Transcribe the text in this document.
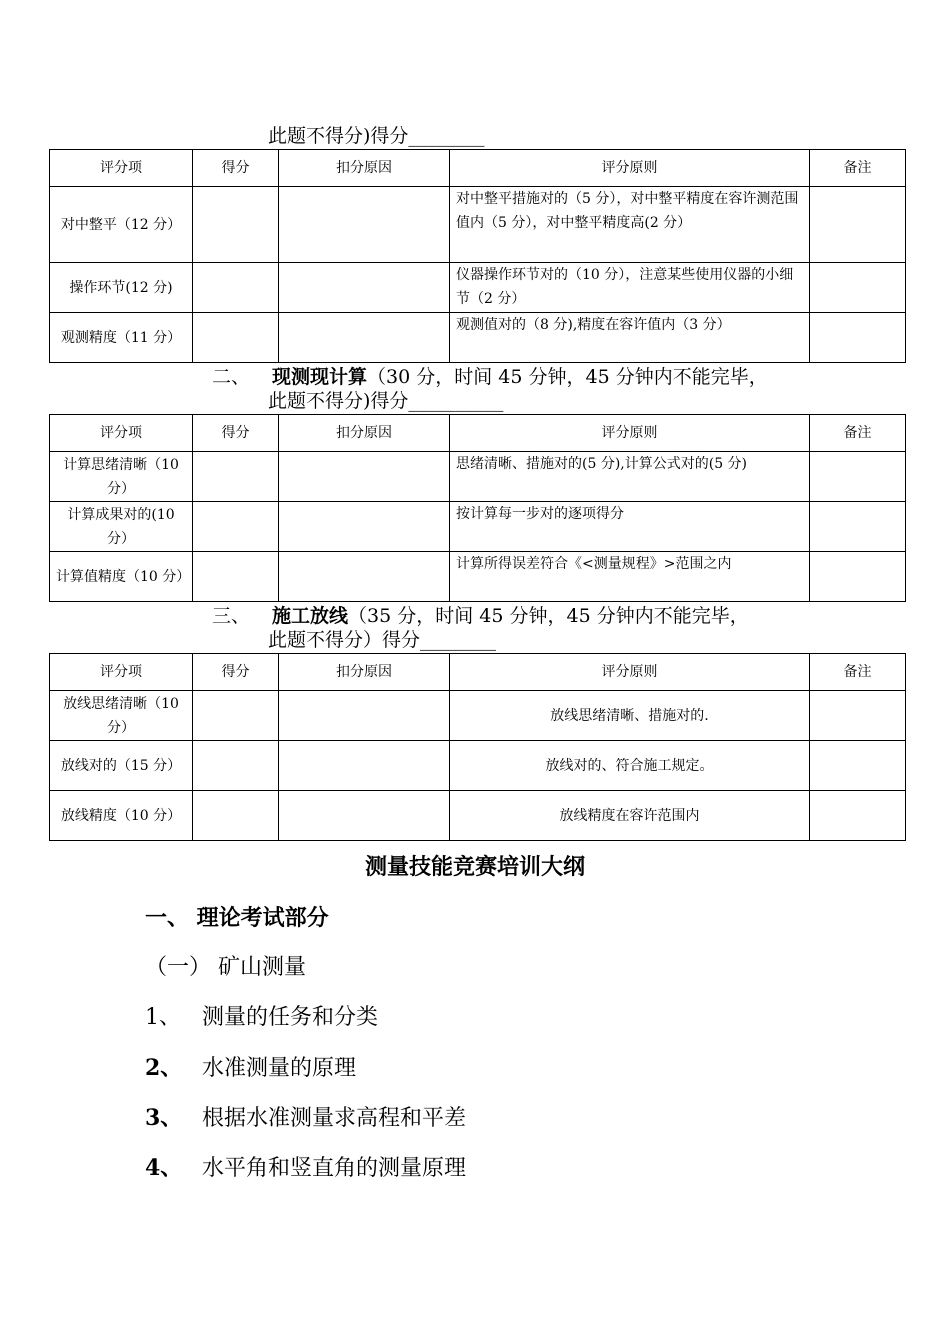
此题不得分)得分________
评分项	得分	扣分原因	评分原则	备注
对中整平（12 分）			对中整平措施对的（5 分），对中整平精度在容许测范围值内（5 分），对中整平精度高(2 分）	
操作环节(12 分)			仪器操作环节对的（10 分），注意某些使用仪器的小细节（2 分）	
观测精度（11 分）			观测值对的（8 分),精度在容许值内（3 分）	
二、 现测现计算（30 分，时间 45 分钟，45 分钟内不能完毕，
此题不得分)得分__________
评分项	得分	扣分原因	评分原则	备注
计算思绪清晰（10 分）			思绪清晰、措施对的(5 分),计算公式对的(5 分)	
计算成果对的(10 分）			按计算每一步对的逐项得分	
计算值精度（10 分）			计算所得误差符合《<测量规程》>范围之内	
三、 施工放线（35 分，时间 45 分钟，45 分钟内不能完毕，
此题不得分）得分________
评分项	得分	扣分原因	评分原则	备注
放线思绪清晰（10 分）			放线思绪清晰、措施对的.	
放线对的（15 分）			放线对的、符合施工规定。	
放线精度（10 分）			放线精度在容许范围内	
测量技能竞赛培训大纲
一、 理论考试部分
（一） 矿山测量
1、 测量的任务和分类
2、 水准测量的原理
3、 根据水准测量求高程和平差
4、 水平角和竖直角的测量原理
